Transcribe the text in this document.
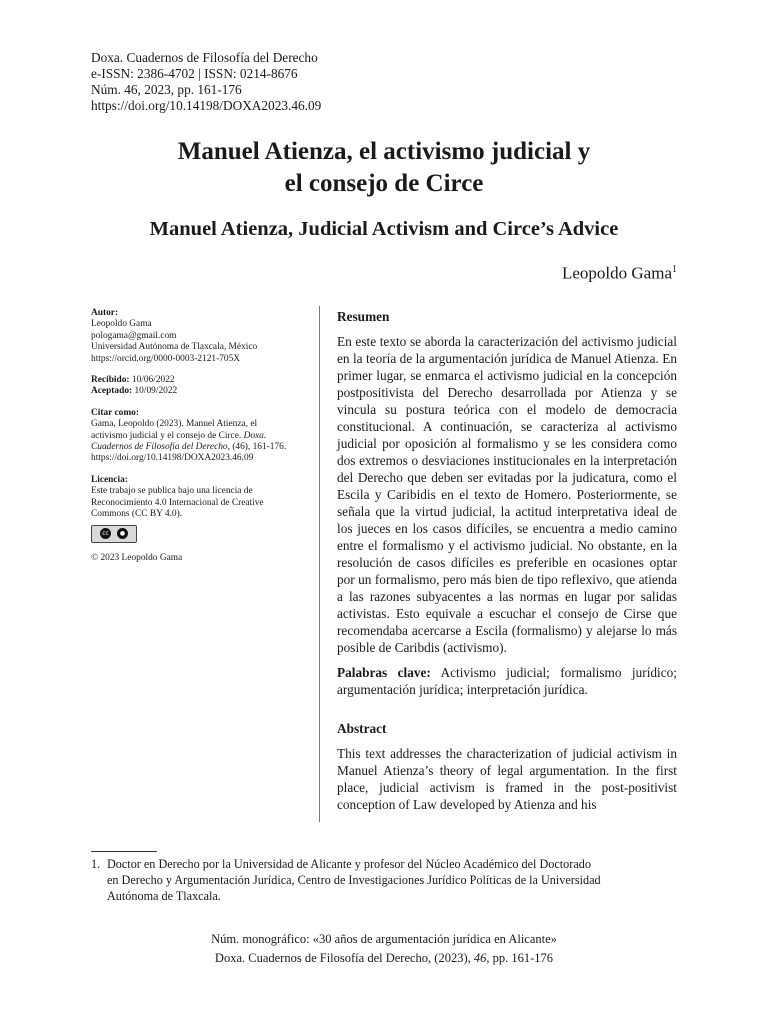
Doxa. Cuadernos de Filosofía del Derecho
e-ISSN: 2386-4702 | ISSN: 0214-8676
Núm. 46, 2023, pp. 161-176
https://doi.org/10.14198/DOXA2023.46.09
Manuel Atienza, el activismo judicial y
el consejo de Circe
Manuel Atienza, Judicial Activism and Circe’s Advice
Leopoldo Gama$^1$
Autor:
Leopoldo Gama
pologama@gmail.com
Universidad Autónoma de Tlaxcala, México
https://orcid.org/0000-0003-2121-705X
Recibido: 10/06/2022
Aceptado: 10/09/2022
Citar como:
Gama, Leopoldo (2023). Manuel Atienza, el
activismo judicial y el consejo de Circe. Doxa.
Cuadernos de Filosofía del Derecho, (46), 161-176.
https://doi.org/10.14198/DOXA2023.46.09
Licencia:
Este trabajo se publica bajo una licencia de
Reconocimiento 4.0 Internacional de Creative
Commons (CC BY 4.0).
cc	●
© 2023 Leopoldo Gama
Resumen

En este texto se aborda la caracterización del activismo judicial en la teoría de la argumentación jurídica de Manuel Atienza. En primer lugar, se enmarca el activismo judicial en la concepción postpositivista del Derecho desarrollada por Atienza y se vincula su postura teórica con el modelo de democracia constitucional. A continuación, se caracteriza al activismo judicial por oposición al formalismo y se les considera como dos extremos o desviaciones institucionales en la interpretación del Derecho que deben ser evitadas por la judicatura, como el Escila y Caribidis en el texto de Homero. Posteriormente, se señala que la virtud judicial, la actitud interpretativa ideal de los jueces en los casos difíciles, se encuentra a medio camino entre el formalismo y el activismo judicial. No obstante, en la resolución de casos difíciles es preferible en ocasiones optar por un formalismo, pero más bien de tipo reflexivo, que atienda a las razones subyacentes a las normas en lugar por salidas activistas. Esto equivale a escuchar el consejo de Cirse que recomendaba acercarse a Escila (formalismo) y alejarse lo más posible de Caribdis (activismo).

Palabras clave: Activismo judicial; formalismo jurídico; argumentación jurídica; interpretación jurídica.

Abstract

This text addresses the characterization of judicial activism in Manuel Atienza’s theory of legal argumentation. In the first place, judicial activism is framed in the post-positivist conception of Law developed by Atienza and his

1. Doctor en Derecho por la Universidad de Alicante y profesor del Núcleo Académico del Doctorado
en Derecho y Argumentación Jurídica, Centro de Investigaciones Jurídico Políticas de la Universidad
Autónoma de Tlaxcala.
Núm. monográfico: «30 años de argumentación jurídica en Alicante»
Doxa. Cuadernos de Filosofía del Derecho, (2023), 46, pp. 161-176
